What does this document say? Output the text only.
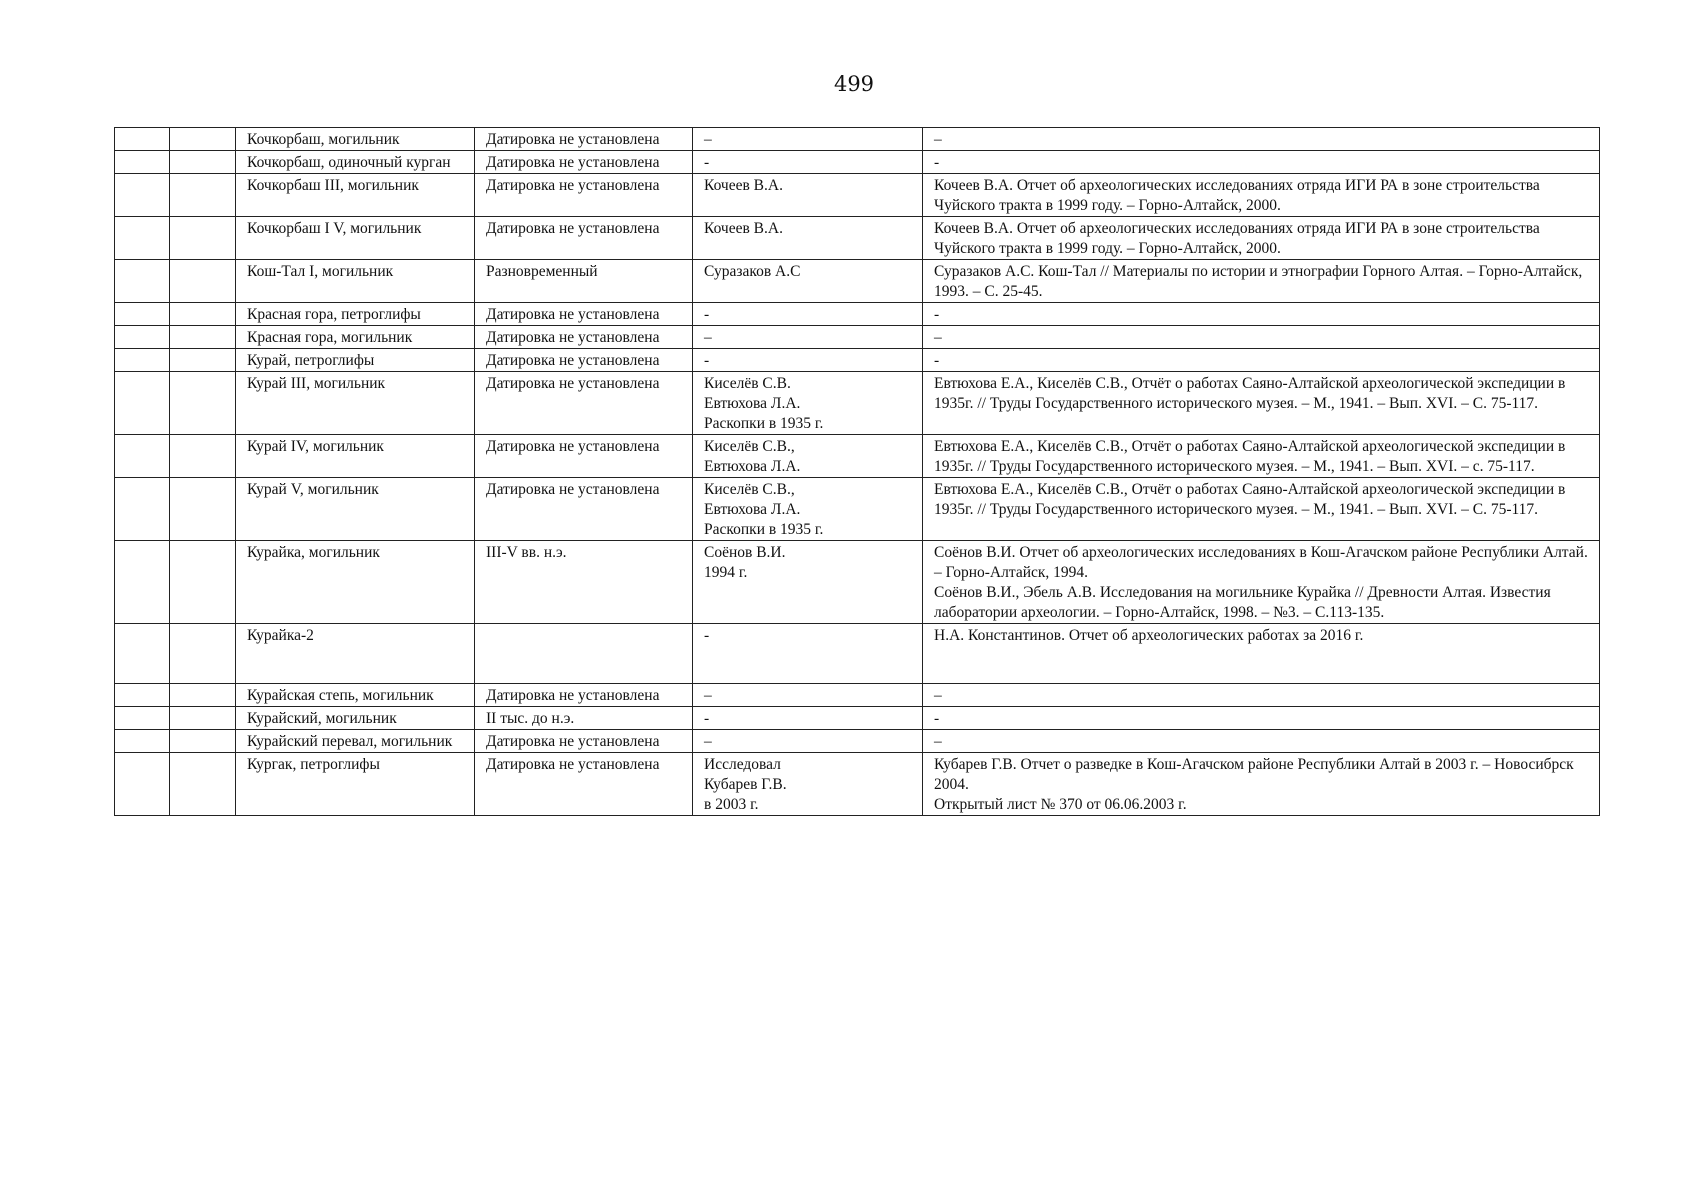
499
		Кочкорбаш, могильник	Датировка не установлена	–	–
		Кочкорбаш, одиночный курган	Датировка не установлена	-	-
		Кочкорбаш III, могильник	Датировка не установлена	Кочеев В.А.	Кочеев В.А. Отчет об археологических исследованиях отряда ИГИ РА в зоне строительства Чуйского тракта в 1999 году. – Горно-Алтайск, 2000.
		Кочкорбаш I V, могильник	Датировка не установлена	Кочеев В.А.	Кочеев В.А. Отчет об археологических исследованиях отряда ИГИ РА в зоне строительства Чуйского тракта в 1999 году. – Горно-Алтайск, 2000.
		Кош-Тал I, могильник	Разновременный	Суразаков А.С	Суразаков А.С. Кош-Тал // Материалы по истории и этнографии Горного Алтая. – Горно-Алтайск, 1993. – С. 25-45.
		Красная гора, петроглифы	Датировка не установлена	-	-
		Красная гора, могильник	Датировка не установлена	–	–
		Курай, петроглифы	Датировка не установлена	-	-
		Курай III, могильник	Датировка не установлена	Киселёв С.В.
Евтюхова Л.А.
Раскопки в 1935 г.	Евтюхова Е.А., Киселёв С.В., Отчёт о работах Саяно-Алтайской археологической экспедиции в 1935г. // Труды Государственного исторического музея. – М., 1941. – Вып. XVI. – С. 75-117.
		Курай IV, могильник	Датировка не установлена	Киселёв С.В.,
Евтюхова Л.А.	Евтюхова Е.А., Киселёв С.В., Отчёт о работах Саяно-Алтайской археологической экспедиции в 1935г. // Труды Государственного исторического музея. – М., 1941. – Вып. XVI. – с. 75-117.
		Курай V, могильник	Датировка не установлена	Киселёв С.В.,
Евтюхова Л.А.
Раскопки в 1935 г.	Евтюхова Е.А., Киселёв С.В., Отчёт о работах Саяно-Алтайской археологической экспедиции в 1935г. // Труды Государственного исторического музея. – М., 1941. – Вып. XVI. – С. 75-117.
		Курайка, могильник	III-V вв. н.э.	Соёнов В.И.
1994 г.	Соёнов В.И. Отчет об археологических исследованиях в Кош-Агачском районе Республики Алтай. – Горно-Алтайск, 1994.
Соёнов В.И., Эбель А.В. Исследования на могильнике Курайка // Древности Алтая. Известия лаборатории археологии. – Горно-Алтайск, 1998. – №3. – С.113-135.
		Курайка-2		-	Н.А. Константинов. Отчет об археологических работах за 2016 г.
		Курайская степь, могильник	Датировка не установлена	–	–
		Курайский, могильник	II тыс. до н.э.	-	-
		Курайский перевал, могильник	Датировка не установлена	–	–
		Кургак, петроглифы	Датировка не установлена	Исследовал
Кубарев Г.В.
в 2003 г.	Кубарев Г.В. Отчет о разведке в Кош-Агачском районе Республики Алтай в 2003 г. – Новосибрск 2004.
Открытый лист № 370 от 06.06.2003 г.
